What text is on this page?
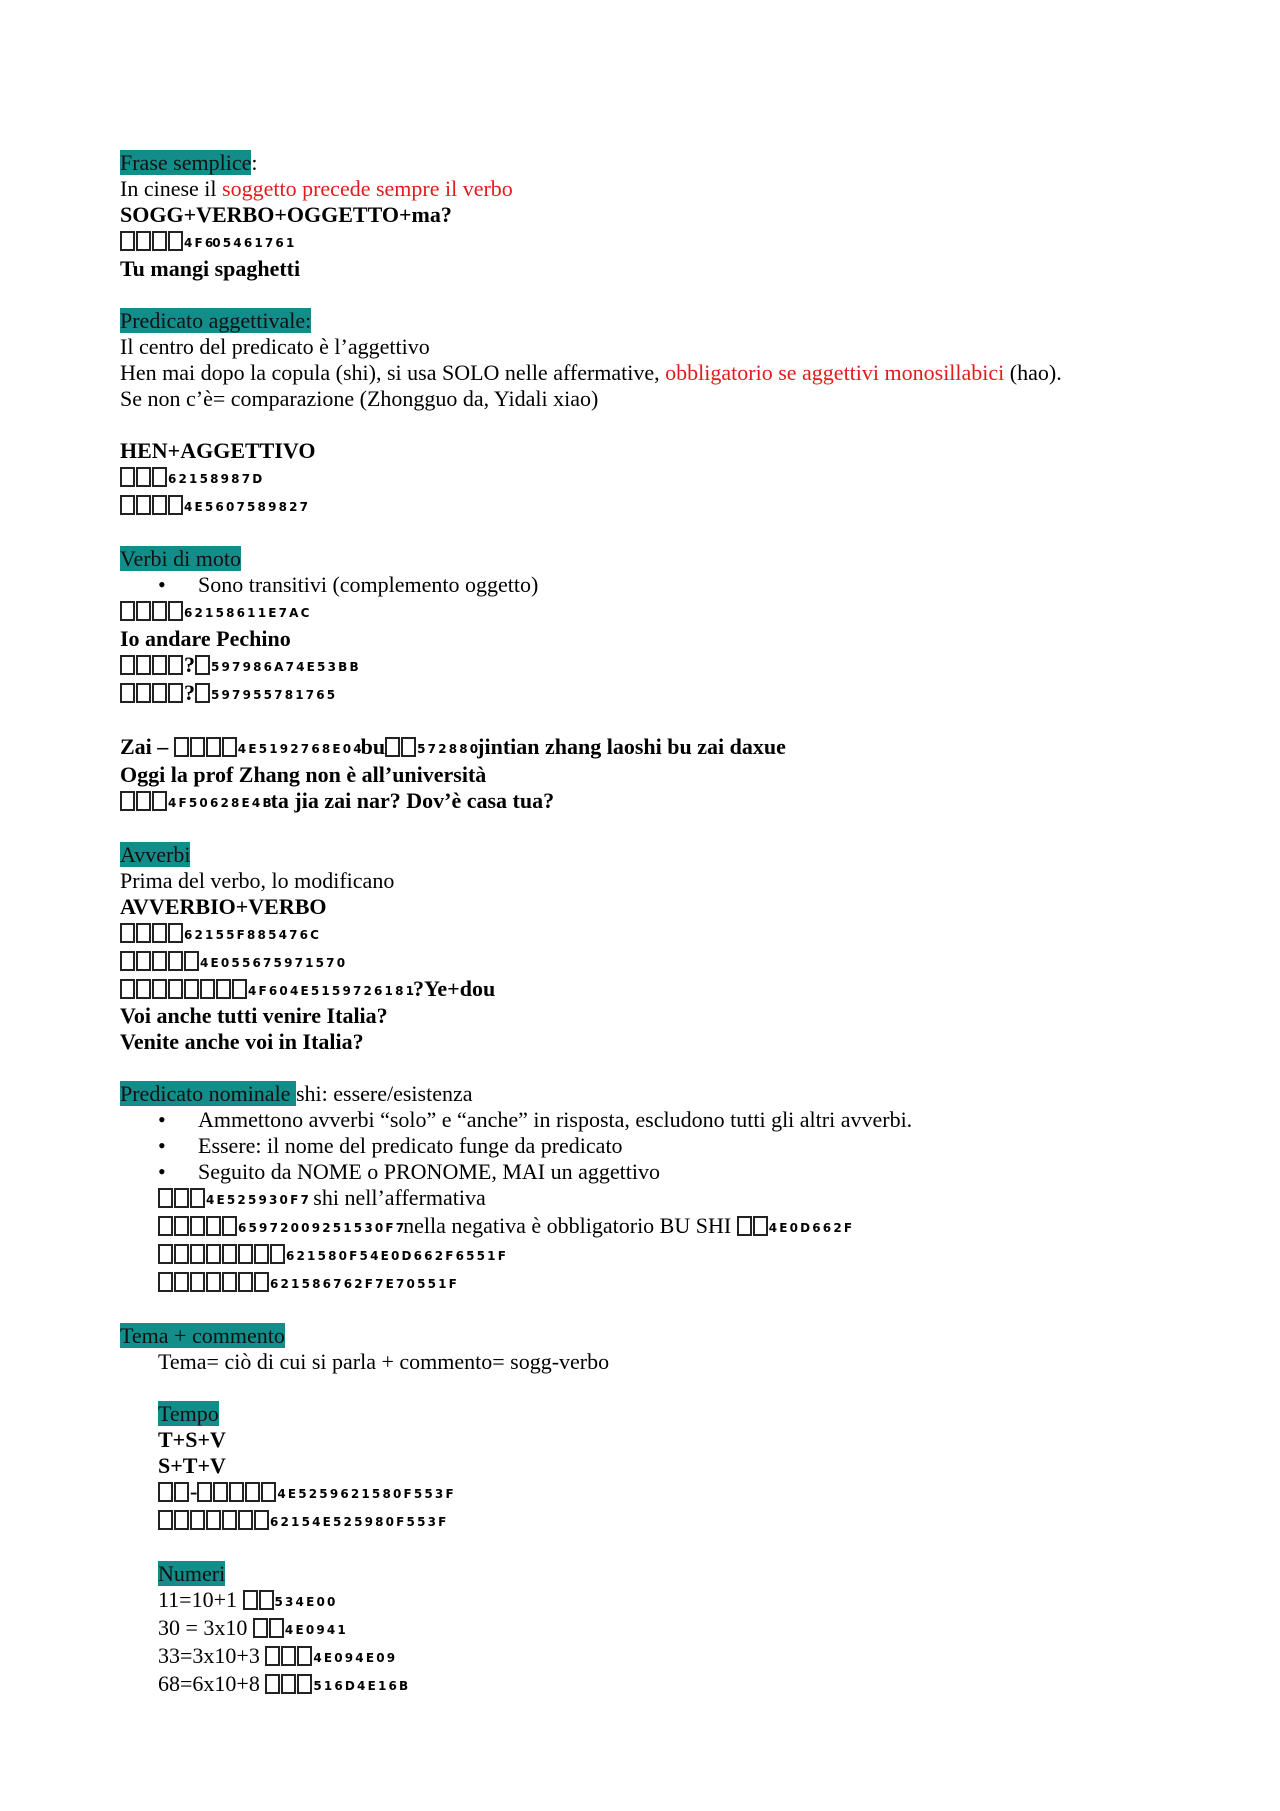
Frase semplice:
In cinese il soggetto precede sempre il verbo
SOGG+VERBO+OGGETTO+ma?
4 F 60 5 4 6 1 7 6 1
Tu mangi spaghetti
Predicato aggettivale:
Il centro del predicato è l’aggettivo
Hen mai dopo la copula (shi), si usa SOLO nelle affermative, obbligatorio se aggettivi monosillabici (hao).
Se non c’è= comparazione (Zhongguo da, Yidali xiao)
HEN+AGGETTIVO
6 2 1 5 8 9 8 7 D
4 E 5 6 0 7 5 8 9 8 2 7
Verbi di moto
• Sono transitivi (complemento oggetto)
6 2 1 5 8 6 1 1 E 7 A C
Io andare Pechino
? 5 9 7 9 8 6 A 7 4 E 5 3 B B
? 5 9 7 9 5 5 7 8 1 7 6 5
Zai –	4 E 5 1 9 2 7 6 8 E 0 4bu	5 7 2 8 8 0jintian zhang laoshi bu zai daxue
Oggi la prof Zhang non è all’università
4 F 5 0 6 2 8 E 4 Bta jia zai nar? Dov’è casa tua?
Avverbi
Prima del verbo, lo modificano
AVVERBIO+VERBO
6 2 1 5 5 F 8 8 5 4 7 6 C
4 E 0 5 5 6 7 5 9 7 1 5 7 0
4 F 6 0 4 E 5 1 5 9 7 2 6 1 8 1?Ye+dou
Voi anche tutti venire Italia?
Venite anche voi in Italia?
Predicato nominale shi: essere/esistenza
• Ammettono avverbi “solo” e “anche” in risposta, escludono tutti gli altri avverbi.
• Essere: il nome del predicato funge da predicato
• Seguito da NOME o PRONOME, MAI un aggettivo
4 E 5 2 5 9 3 0 F 7 shi nell’affermativa
6 5 9 7 2 0 0 9 2 5 1 5 3 0 F 7nella negativa è obbligatorio BU SHI	4 E 0 D 6 6 2 F
6 2 1 5 8 0 F 5 4 E 0 D 6 6 2 F 6 5 5 1 F
6 2 1 5 8 6 7 6 2 F 7 E 7 0 5 5 1 F
Tema + commento
Tema= ciò di cui si parla + commento= sogg-verbo
Tempo
T+S+V
S+T+V
-	4 E 5 2 5 9 6 2 1 5 8 0 F 5 5 3 F
6 2 1 5 4 E 5 2 5 9 8 0 F 5 5 3 F
Numeri
11=10+1	5 3 4 E 0 0
30 = 3x10	4 E 0 9 4 1
33=3x10+3	4 E 0 9 4 E 0 9
68=6x10+8	5 1 6 D 4 E 1 6 B
